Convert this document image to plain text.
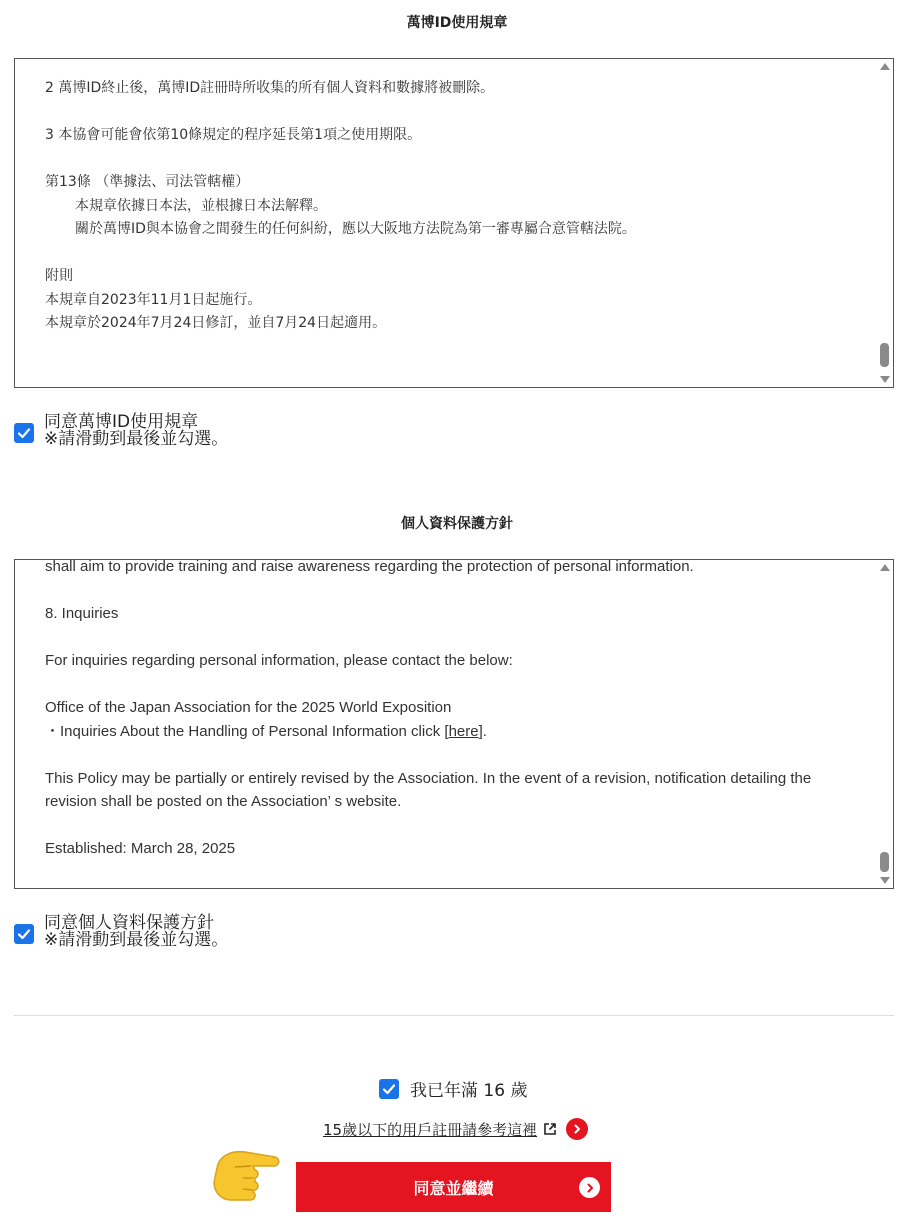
萬博ID使用規章

2 萬博ID終止後，萬博ID註冊時所收集的所有個人資料和數據將被刪除。

3 本協會可能會依第10條規定的程序延長第1項之使用期限。

第13條 （準據法、司法管轄權）

本規章依據日本法，並根據日本法解釋。

關於萬博ID與本協會之間發生的任何糾紛，應以大阪地方法院為第一審專屬合意管轄法院。

附則

本規章自2023年11月1日起施行。

本規章於2024年7月24日修訂，並自7月24日起適用。

同意萬博ID使用規章
※請滑動到最後並勾選。
個人資料保護方針

shall aim to provide training and raise awareness regarding the protection of personal information.

8. Inquiries

For inquiries regarding personal information, please contact the below:

Office of the Japan Association for the 2025 World Exposition

・Inquiries About the Handling of Personal Information click [here].

This Policy may be partially or entirely revised by the Association. In the event of a revision, notification detailing the revision shall be posted on the Association’ s website.

Established: March 28, 2025

同意個人資料保護方針
※請滑動到最後並勾選。
我已年滿 16 歲
15歲以下的用戶註冊請參考這裡
同意並繼續
